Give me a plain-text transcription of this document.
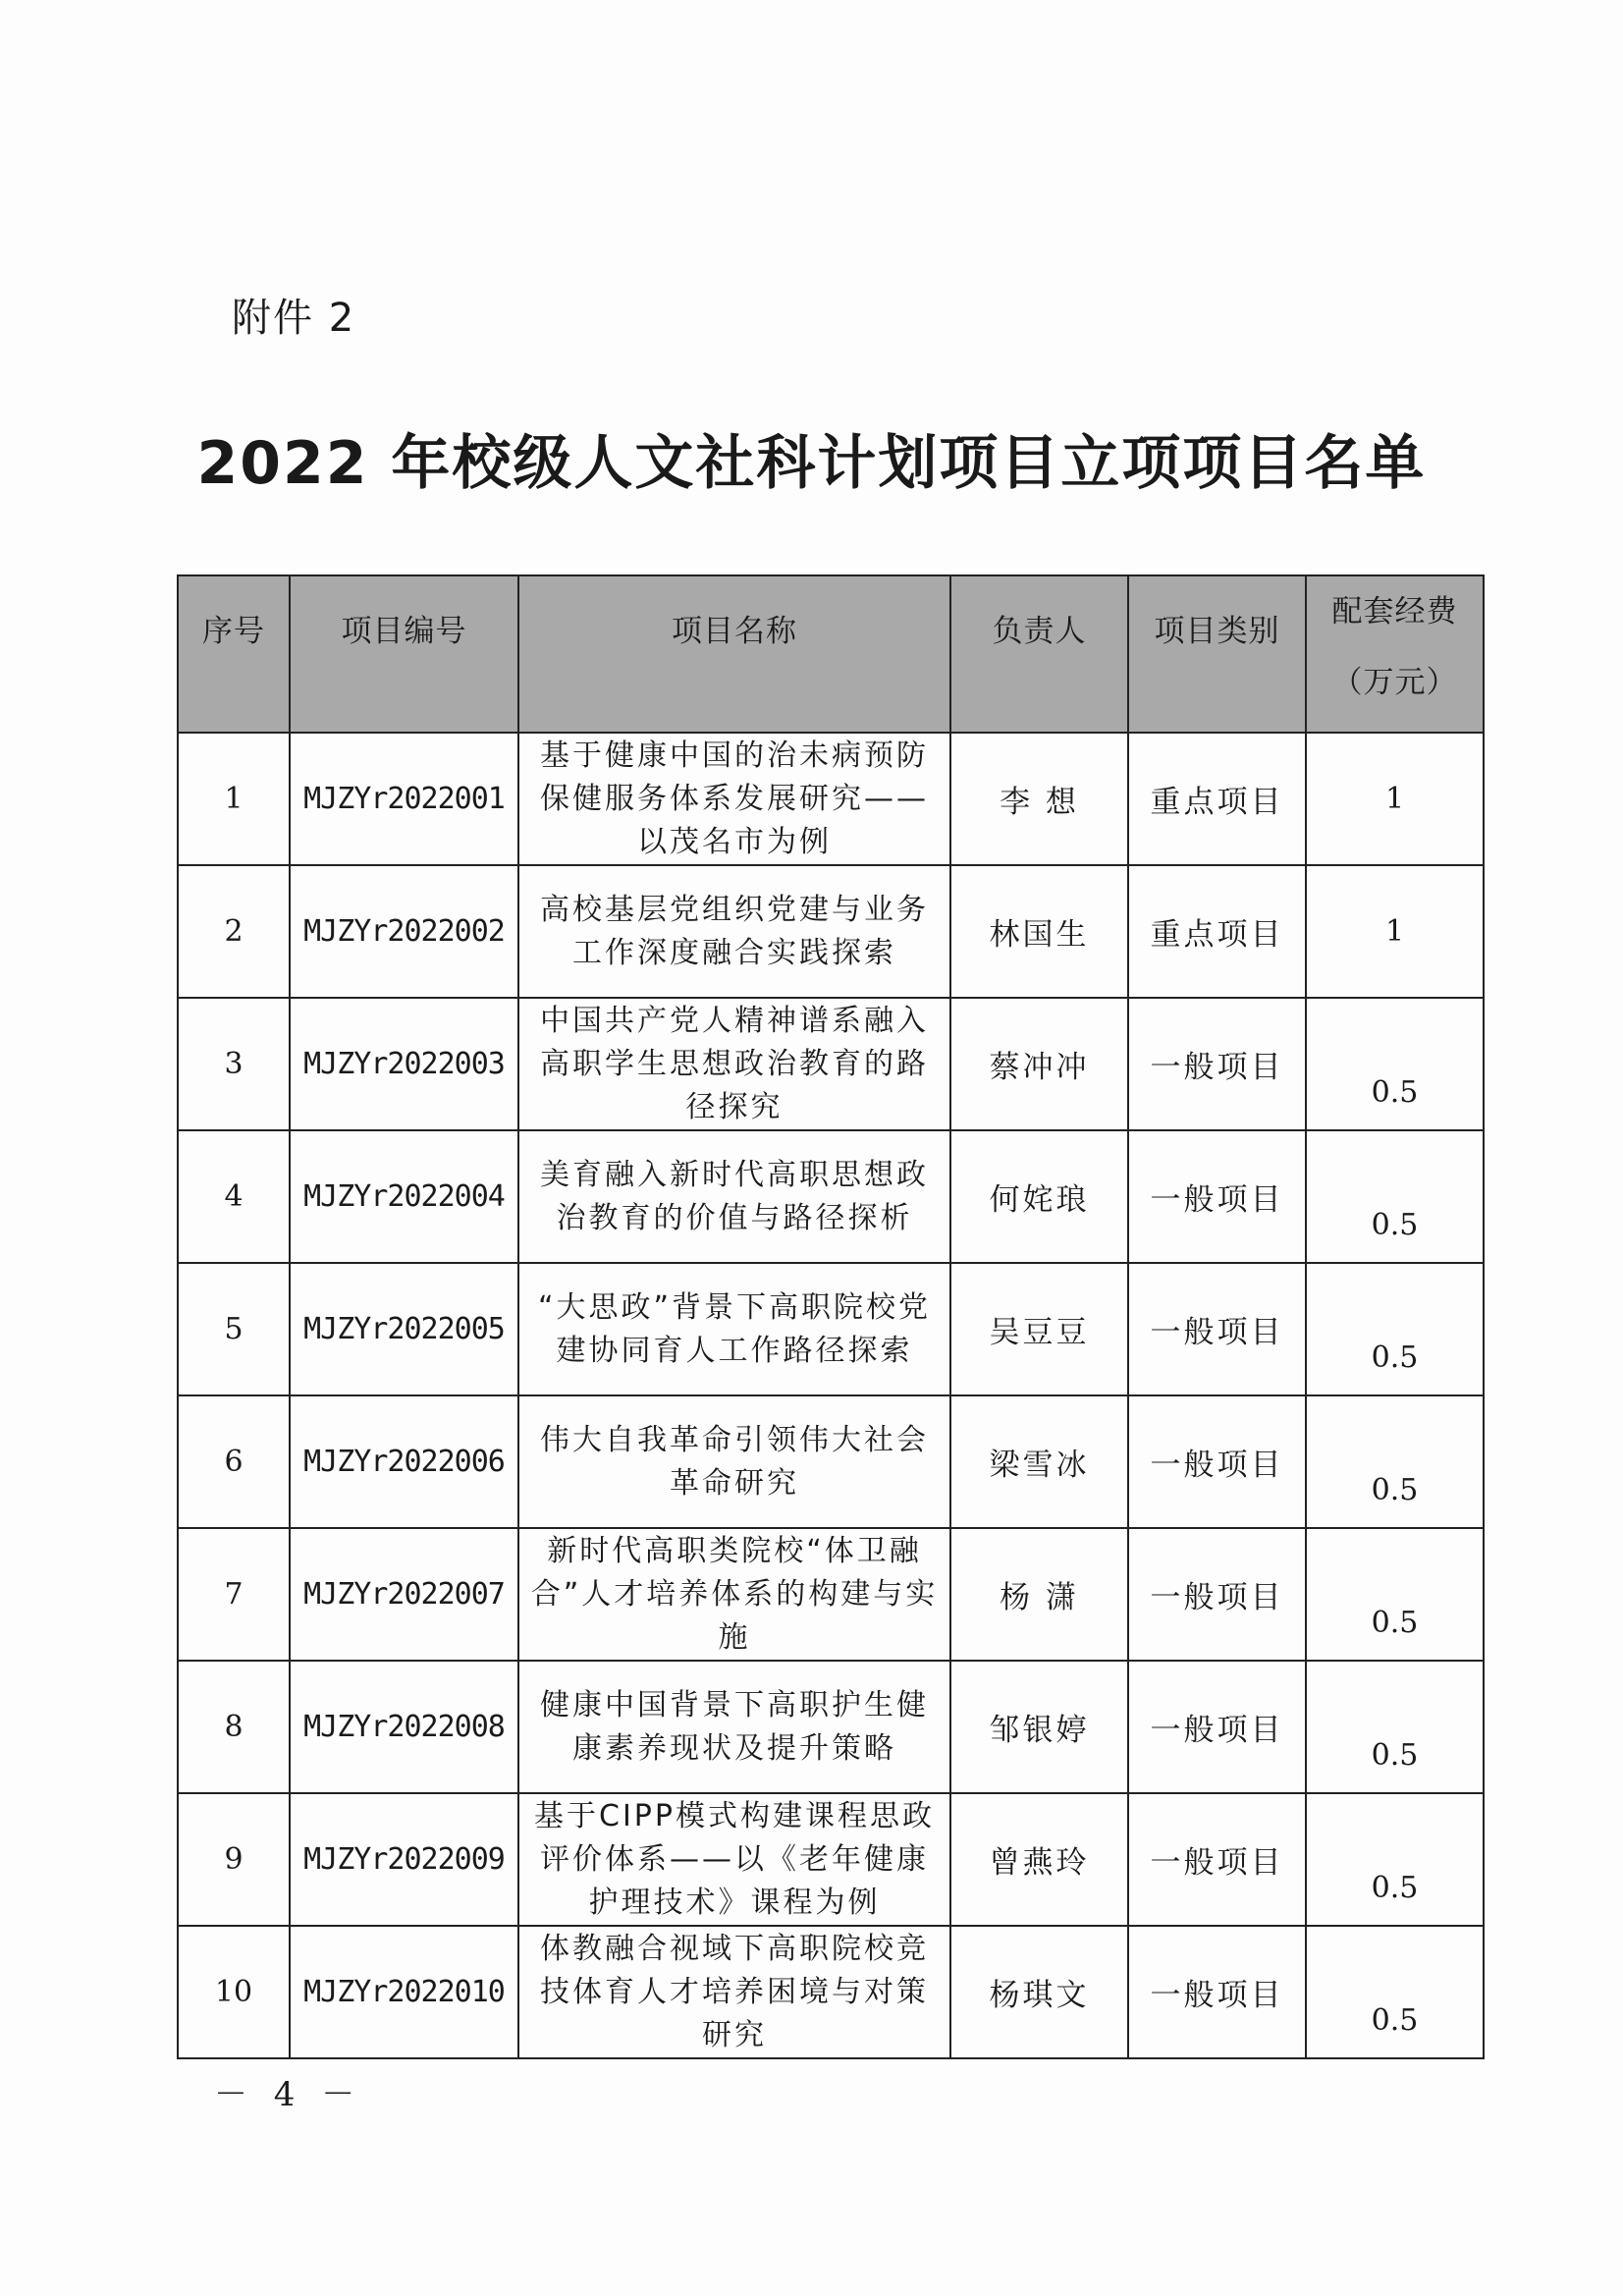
附件 2
2022 年校级人文社科计划项目立项项目名单
序号	项目编号	项目名称	负责人	项目类别	配套经费
（万元）

1	MJZYr2022001	基于健康中国的治未病预防保健服务体系发展研究——以茂名市为例	李 想	重点项目	1
2	MJZYr2022002	高校基层党组织党建与业务工作深度融合实践探索	林国生	重点项目	1
3	MJZYr2022003	中国共产党人精神谱系融入高职学生思想政治教育的路径探究	蔡冲冲	一般项目	0.5
4	MJZYr2022004	美育融入新时代高职思想政治教育的价值与路径探析	何姹琅	一般项目	0.5
5	MJZYr2022005	“大思政”背景下高职院校党建协同育人工作路径探索	吴豆豆	一般项目	0.5
6	MJZYr2022006	伟大自我革命引领伟大社会革命研究	梁雪冰	一般项目	0.5
7	MJZYr2022007	新时代高职类院校“体卫融合”人才培养体系的构建与实施	杨 潇	一般项目	0.5
8	MJZYr2022008	健康中国背景下高职护生健康素养现状及提升策略	邹银婷	一般项目	0.5
9	MJZYr2022009	基于CIPP模式构建课程思政评价体系——以《老年健康护理技术》课程为例	曾燕玲	一般项目	0.5
10	MJZYr2022010	体教融合视域下高职院校竞技体育人才培养困境与对策研究	杨琪文	一般项目	0.5
－ 4 －
